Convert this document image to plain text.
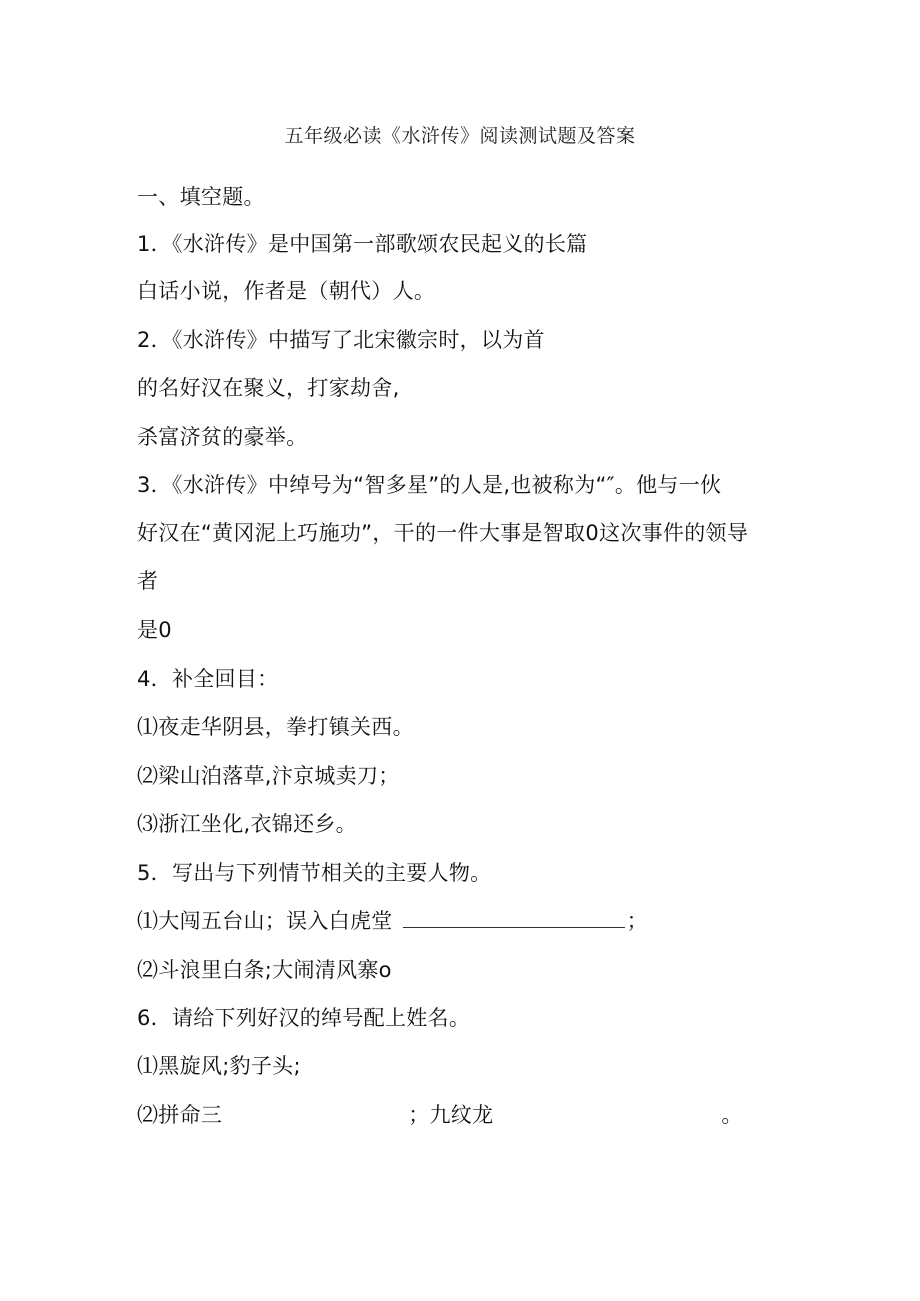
五年级必读《水浒传》阅读测试题及答案
一、填空题。
1．《水浒传》是中国第一部歌颂农民起义的长篇
白话小说，作者是（朝代）人。
2．《水浒传》中描写了北宋徽宗时，以为首
的名好汉在聚义，打家劫舍,
杀富济贫的豪举。
3．《水浒传》中绰号为“智多星”的人是,也被称为“″。他与一伙
好汉在“黄冈泥上巧施功”，干的一件大事是智取0这次事件的领导
者
是0
4．补全回目：
⑴夜走华阴县，拳打镇关西。
⑵梁山泊落草,汴京城卖刀；
⑶浙江坐化,衣锦还乡。
5．写出与下列情节相关的主要人物。
⑴大闯五台山；误入白虎堂	；
⑵斗浪里白条;大闹清风寨o
6．请给下列好汉的绰号配上姓名。
⑴黑旋风;豹子头;
⑵拼命三	；九纹龙	。
